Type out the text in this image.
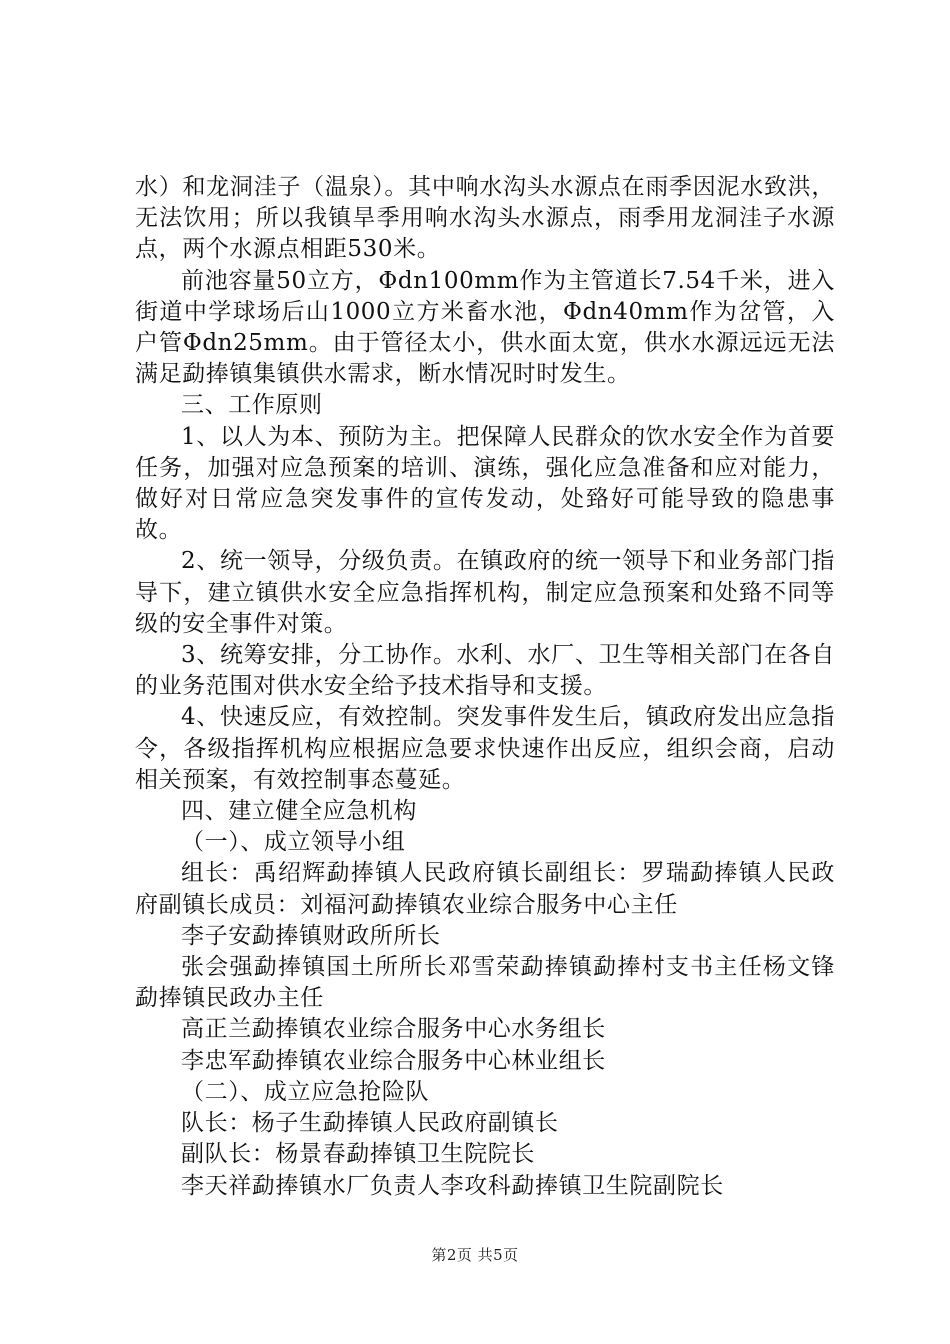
水）和龙洞洼子（温泉）。其中响水沟头水源点在雨季因泥水致洪，无法饮用；所以我镇旱季用响水沟头水源点，雨季用龙洞洼子水源点，两个水源点相距530米。

前池容量50立方，Φdn100mm作为主管道长7.54千米，进入街道中学球场后山1000立方米畜水池，Φdn40mm作为岔管，入户管Φdn25mm。由于管径太小，供水面太宽，供水水源远远无法满足勐捧镇集镇供水需求，断水情况时时发生。

三、工作原则

1、以人为本、预防为主。把保障人民群众的饮水安全作为首要任务，加强对应急预案的培训、演练，强化应急准备和应对能力，做好对日常应急突发事件的宣传发动，处臵好可能导致的隐患事故。

2、统一领导，分级负责。在镇政府的统一领导下和业务部门指导下，建立镇供水安全应急指挥机构，制定应急预案和处臵不同等级的安全事件对策。

3、统筹安排，分工协作。水利、水厂、卫生等相关部门在各自的业务范围对供水安全给予技术指导和支援。

4、快速反应，有效控制。突发事件发生后，镇政府发出应急指令，各级指挥机构应根据应急要求快速作出反应，组织会商，启动相关预案，有效控制事态蔓延。

四、建立健全应急机构

（一）、成立领导小组

组长：禹绍辉勐捧镇人民政府镇长副组长：罗瑞勐捧镇人民政府副镇长成员：刘福河勐捧镇农业综合服务中心主任

李子安勐捧镇财政所所长

张会强勐捧镇国土所所长邓雪荣勐捧镇勐捧村支书主任杨文锋勐捧镇民政办主任

高正兰勐捧镇农业综合服务中心水务组长

李忠军勐捧镇农业综合服务中心林业组长

（二）、成立应急抢险队

队长：杨子生勐捧镇人民政府副镇长

副队长：杨景春勐捧镇卫生院院长

李天祥勐捧镇水厂负责人李攻科勐捧镇卫生院副院长

第2页 共5页
